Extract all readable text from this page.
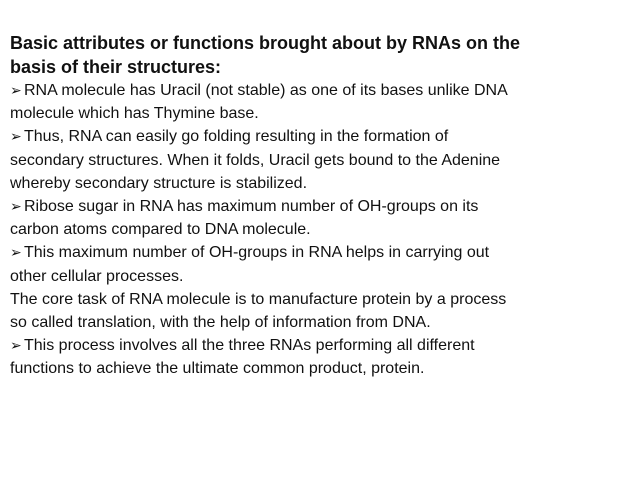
Basic attributes or functions brought about by RNAs on the
basis of their structures:
➢ RNA molecule has Uracil (not stable) as one of its bases unlike DNA
molecule which has Thymine base.
➢ Thus, RNA can easily go folding resulting in the formation of
secondary structures. When it folds, Uracil gets bound to the Adenine
whereby secondary structure is stabilized.
➢ Ribose sugar in RNA has maximum number of OH-groups on its
carbon atoms compared to DNA molecule.
➢ This maximum number of OH-groups in RNA helps in carrying out
other cellular processes.
The core task of RNA molecule is to manufacture protein by a process
so called translation, with the help of information from DNA.
➢ This process involves all the three RNAs performing all different
functions to achieve the ultimate common product, protein.
